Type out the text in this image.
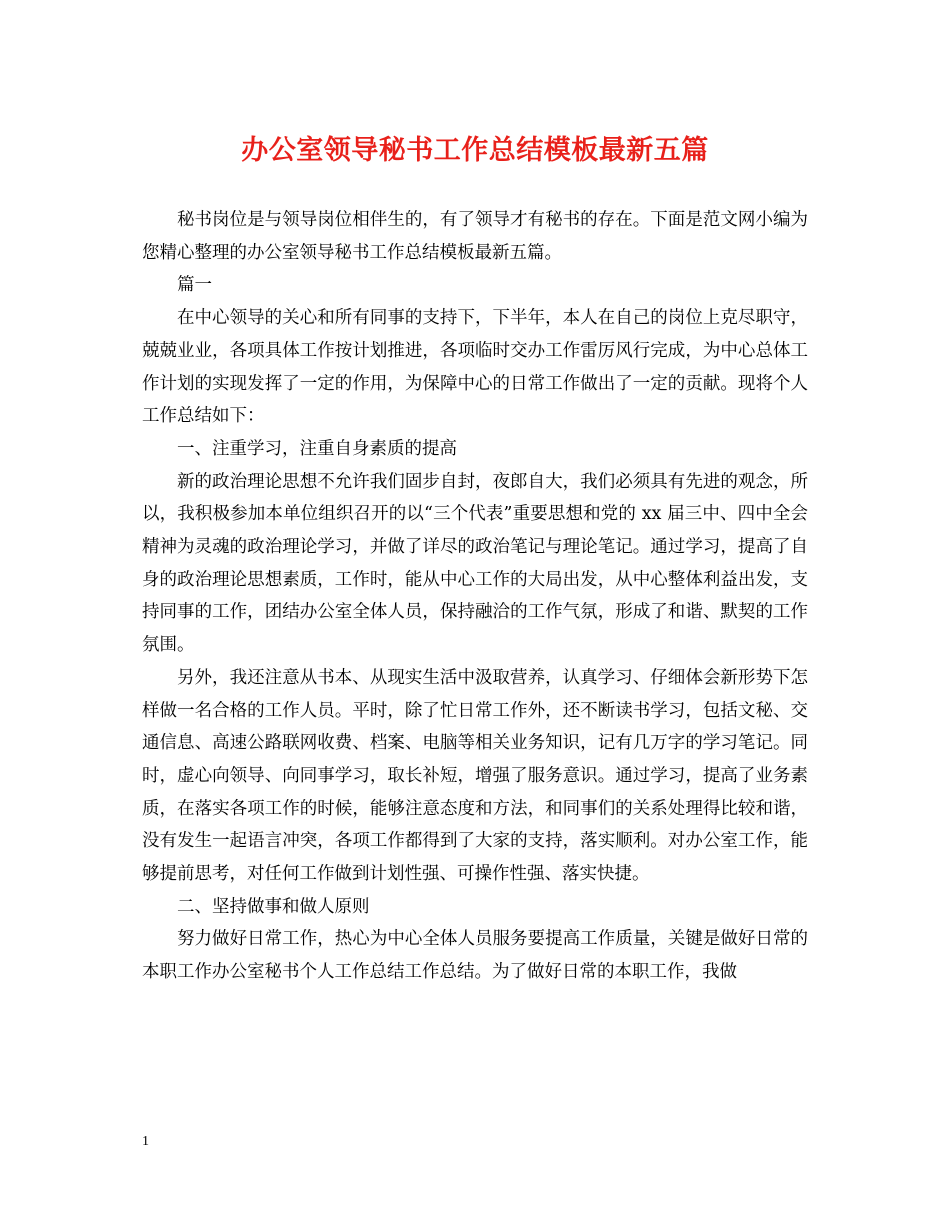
办公室领导秘书工作总结模板最新五篇

秘书岗位是与领导岗位相伴生的，有了领导才有秘书的存在。下面是范文网小编为您精心整理的办公室领导秘书工作总结模板最新五篇。

篇一

在中心领导的关心和所有同事的支持下，下半年，本人在自己的岗位上克尽职守，兢兢业业，各项具体工作按计划推进，各项临时交办工作雷厉风行完成，为中心总体工作计划的实现发挥了一定的作用，为保障中心的日常工作做出了一定的贡献。现将个人工作总结如下：

一、注重学习，注重自身素质的提高

新的政治理论思想不允许我们固步自封，夜郎自大，我们必须具有先进的观念，所以，我积极参加本单位组织召开的以“三个代表”重要思想和党的 xx 届三中、四中全会精神为灵魂的政治理论学习，并做了详尽的政治笔记与理论笔记。通过学习，提高了自身的政治理论思想素质，工作时，能从中心工作的大局出发，从中心整体利益出发，支持同事的工作，团结办公室全体人员，保持融洽的工作气氛，形成了和谐、默契的工作氛围。

另外，我还注意从书本、从现实生活中汲取营养，认真学习、仔细体会新形势下怎样做一名合格的工作人员。平时，除了忙日常工作外，还不断读书学习，包括文秘、交通信息、高速公路联网收费、档案、电脑等相关业务知识，记有几万字的学习笔记。同时，虚心向领导、向同事学习，取长补短，增强了服务意识。通过学习，提高了业务素质，在落实各项工作的时候，能够注意态度和方法，和同事们的关系处理得比较和谐，没有发生一起语言冲突，各项工作都得到了大家的支持，落实顺利。对办公室工作，能够提前思考，对任何工作做到计划性强、可操作性强、落实快捷。

二、坚持做事和做人原则

努力做好日常工作，热心为中心全体人员服务要提高工作质量，关键是做好日常的本职工作办公室秘书个人工作总结工作总结。为了做好日常的本职工作，我做

1
